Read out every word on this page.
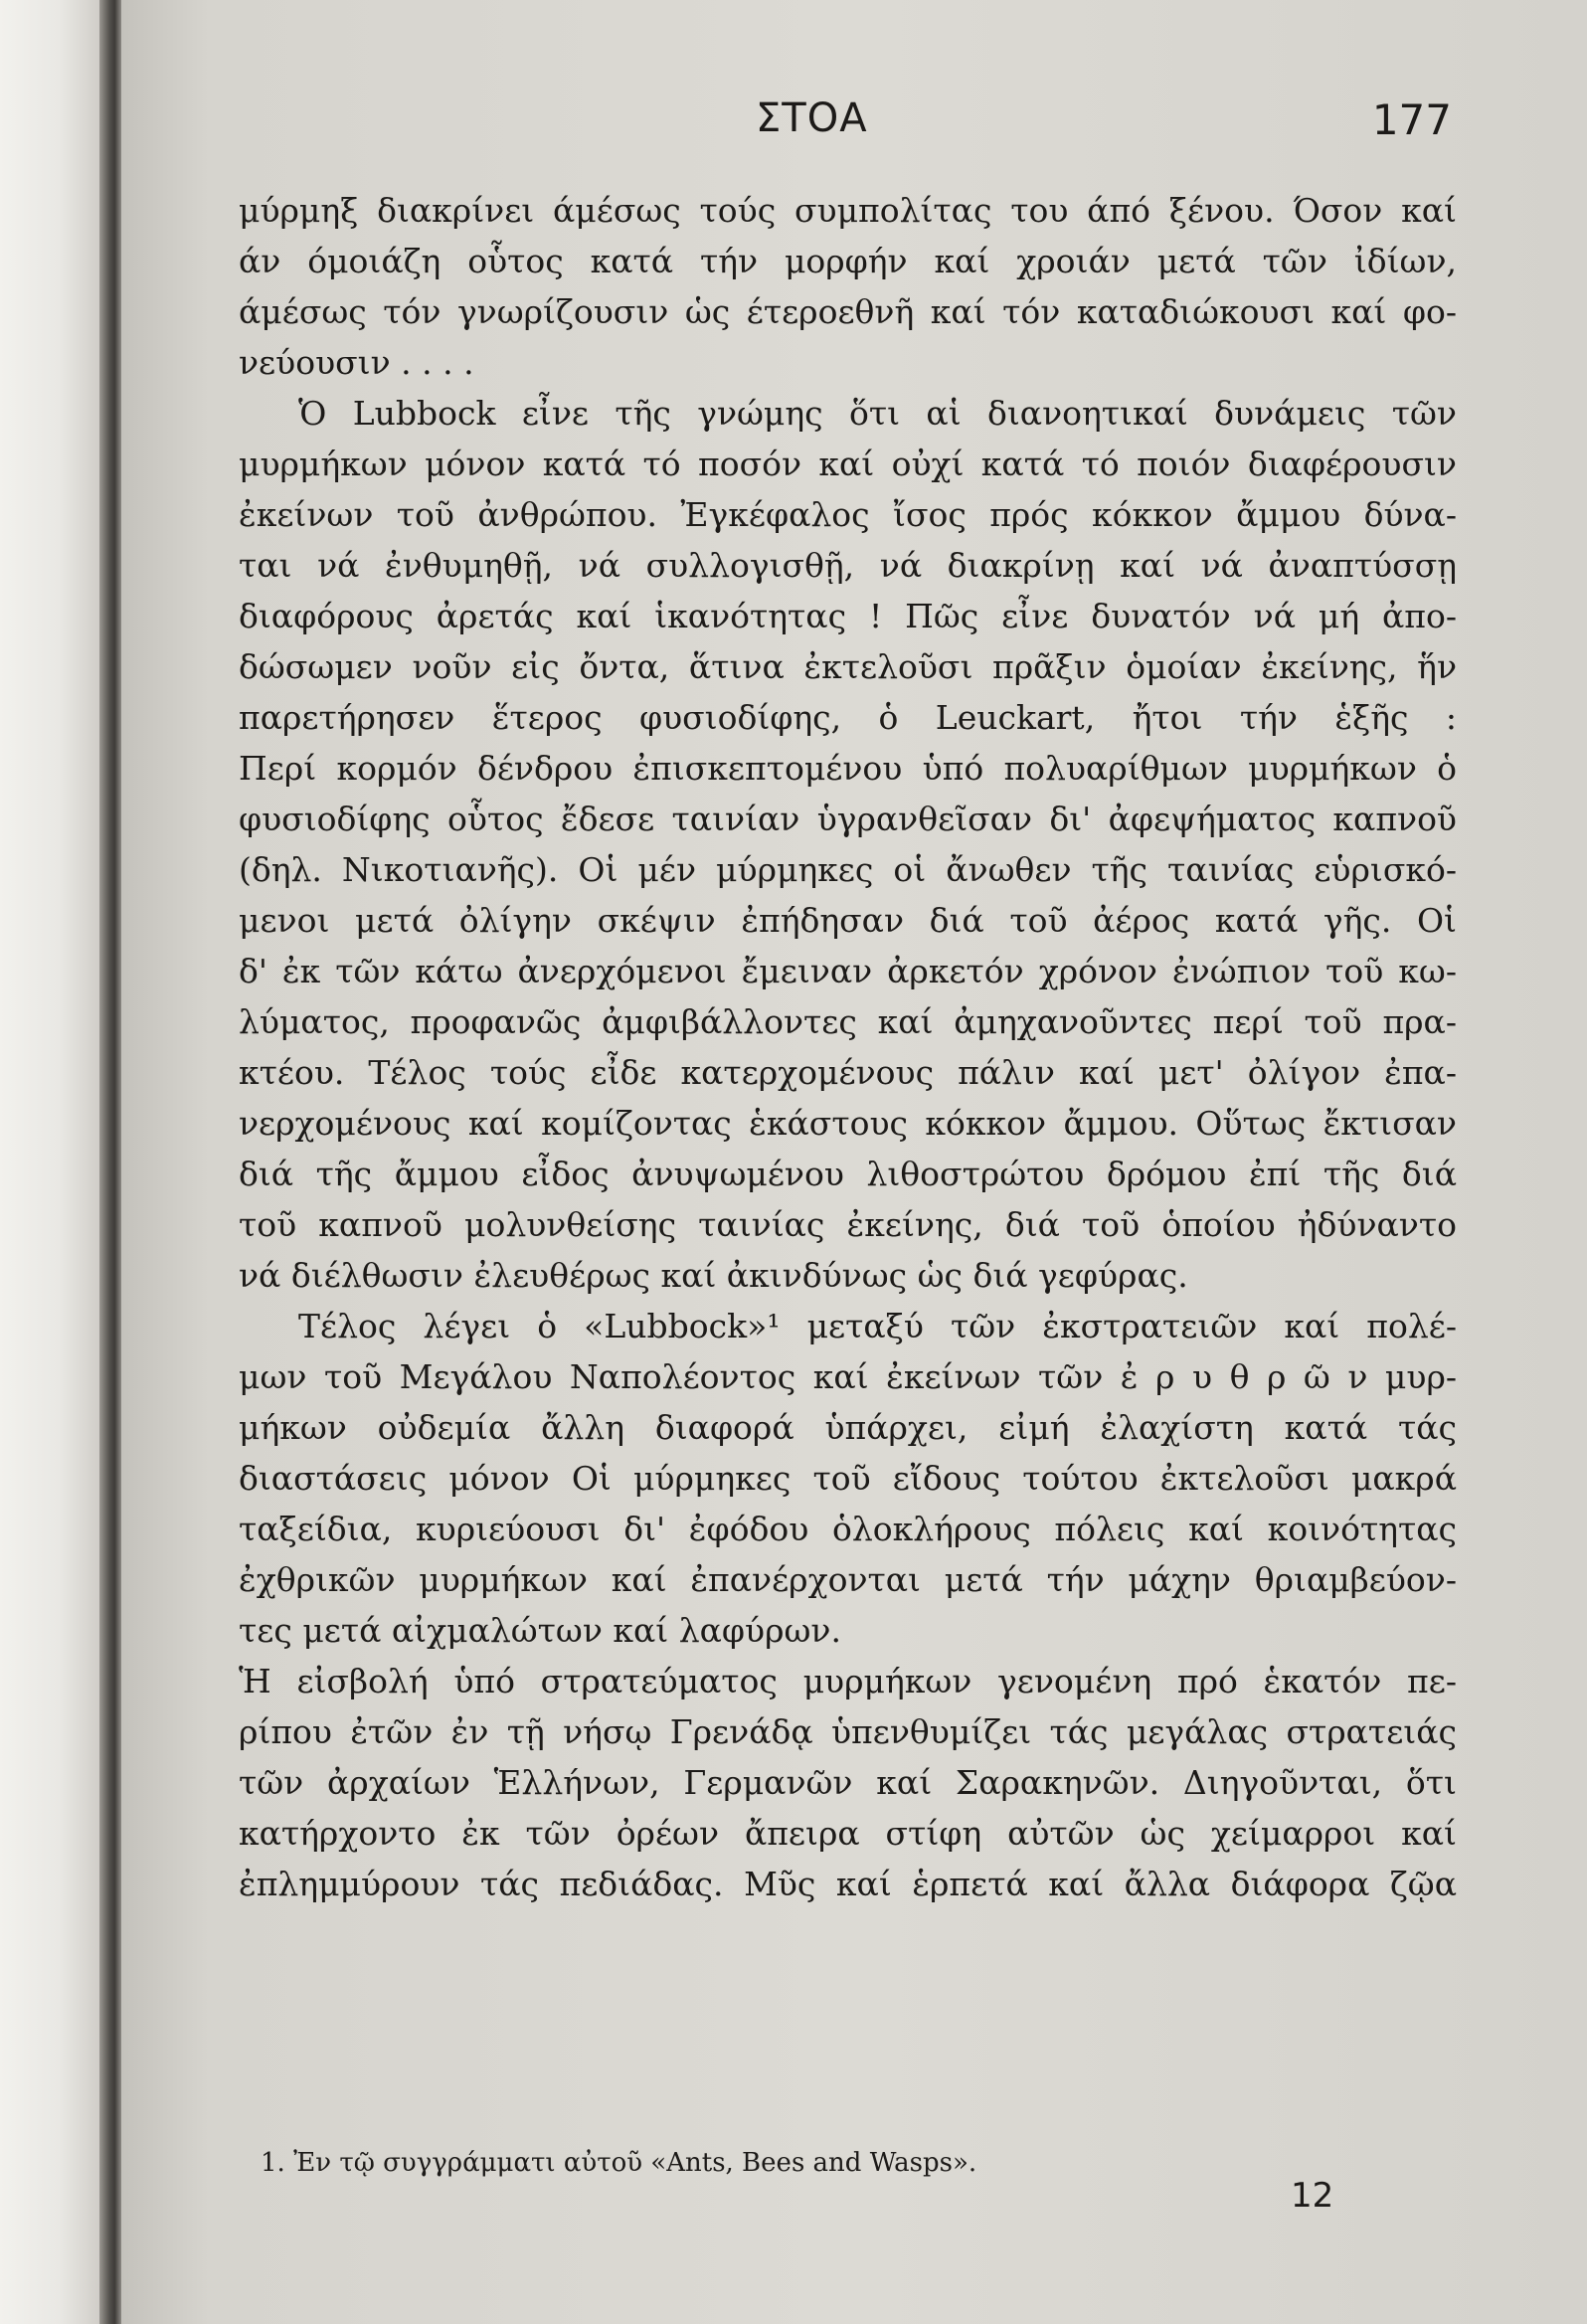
ΣΤΟΑ	177
μύρμηξ διακρίνει άμέσως τούς συμπολίτας του άπό ξένου. Όσον καί
άν όμοιάζη οὗτος κατά τήν μορφήν καί χροιάν μετά τῶν ἰδίων,
άμέσως τόν γνωρίζουσιν ὡς έτεροεθνῆ καί τόν καταδιώκουσι καί φο-
νεύουσιν . . . .
Ὁ Lubbock εἶνε τῆς γνώμης ὅτι αἱ διανοητικαί δυνάμεις τῶν
μυρμήκων μόνον κατά τό ποσόν καί οὐχί κατά τό ποιόν διαφέρουσιν
ἐκείνων τοῦ ἀνθρώπου. Ἐγκέφαλος ἴσος πρός κόκκον ἄμμου δύνα-
ται νά ἐνθυμηθῇ, νά συλλογισθῇ, νά διακρίνῃ καί νά ἀναπτύσσῃ
διαφόρους ἀρετάς καί ἱκανότητας ! Πῶς εἶνε δυνατόν νά μή ἀπο-
δώσωμεν νοῦν εἰς ὄντα, ἅτινα ἐκτελοῦσι πρᾶξιν ὁμοίαν ἐκείνης, ἥν
παρετήρησεν ἕτερος φυσιοδίφης, ὁ Leuckart, ἤτοι τήν ἑξῆς :
Περί κορμόν δένδρου ἐπισκεπτομένου ὑπό πολυαρίθμων μυρμήκων ὁ
φυσιοδίφης οὗτος ἔδεσε ταινίαν ὑγρανθεῖσαν δι' ἀφεψήματος καπνοῦ
(δηλ. Νικοτιανῆς). Οἱ μέν μύρμηκες οἱ ἄνωθεν τῆς ταινίας εὑρισκό-
μενοι μετά ὀλίγην σκέψιν ἐπήδησαν διά τοῦ ἀέρος κατά γῆς. Οἱ
δ' ἐκ τῶν κάτω ἀνερχόμενοι ἔμειναν ἀρκετόν χρόνον ἐνώπιον τοῦ κω-
λύματος, προφανῶς ἀμφιβάλλοντες καί ἀμηχανοῦντες περί τοῦ πρα-
κτέου. Τέλος τούς εἶδε κατερχομένους πάλιν καί μετ' ὀλίγον ἐπα-
νερχομένους καί κομίζοντας ἑκάστους κόκκον ἄμμου. Οὕτως ἔκτισαν
διά τῆς ἄμμου εἶδος ἀνυψωμένου λιθοστρώτου δρόμου ἐπί τῆς διά
τοῦ καπνοῦ μολυνθείσης ταινίας ἐκείνης, διά τοῦ ὁποίου ἠδύναντο
νά διέλθωσιν ἐλευθέρως καί ἀκινδύνως ὡς διά γεφύρας.
Τέλος λέγει ὁ «Lubbock»¹ μεταξύ τῶν ἐκστρατειῶν καί πολέ-
μων τοῦ Μεγάλου Ναπολέοντος καί ἐκείνων τῶν ἐ ρ υ θ ρ ῶ ν μυρ-
μήκων οὐδεμία ἄλλη διαφορά ὑπάρχει, εἰμή ἐλαχίστη κατά τάς
διαστάσεις μόνον Οἱ μύρμηκες τοῦ εἴδους τούτου ἐκτελοῦσι μακρά
ταξείδια, κυριεύουσι δι' ἐφόδου ὁλοκλήρους πόλεις καί κοινότητας
ἐχθρικῶν μυρμήκων καί ἐπανέρχονται μετά τήν μάχην θριαμβεύον-
τες μετά αἰχμαλώτων καί λαφύρων.
Ἡ εἰσβολή ὑπό στρατεύματος μυρμήκων γενομένη πρό ἑκατόν πε-
ρίπου ἐτῶν ἐν τῇ νήσῳ Γρενάδᾳ ὑπενθυμίζει τάς μεγάλας στρατειάς
τῶν ἀρχαίων Ἑλλήνων, Γερμανῶν καί Σαρακηνῶν. Διηγοῦνται, ὅτι
κατήρχοντο ἐκ τῶν ὀρέων ἄπειρα στίφη αὐτῶν ὡς χείμαρροι καί
ἐπλημμύρουν τάς πεδιάδας. Μῦς καί ἑρπετά καί ἄλλα διάφορα ζῷα
1. Ἐν τῷ συγγράμματι αὐτοῦ «Ants, Bees and Wasps».
12
